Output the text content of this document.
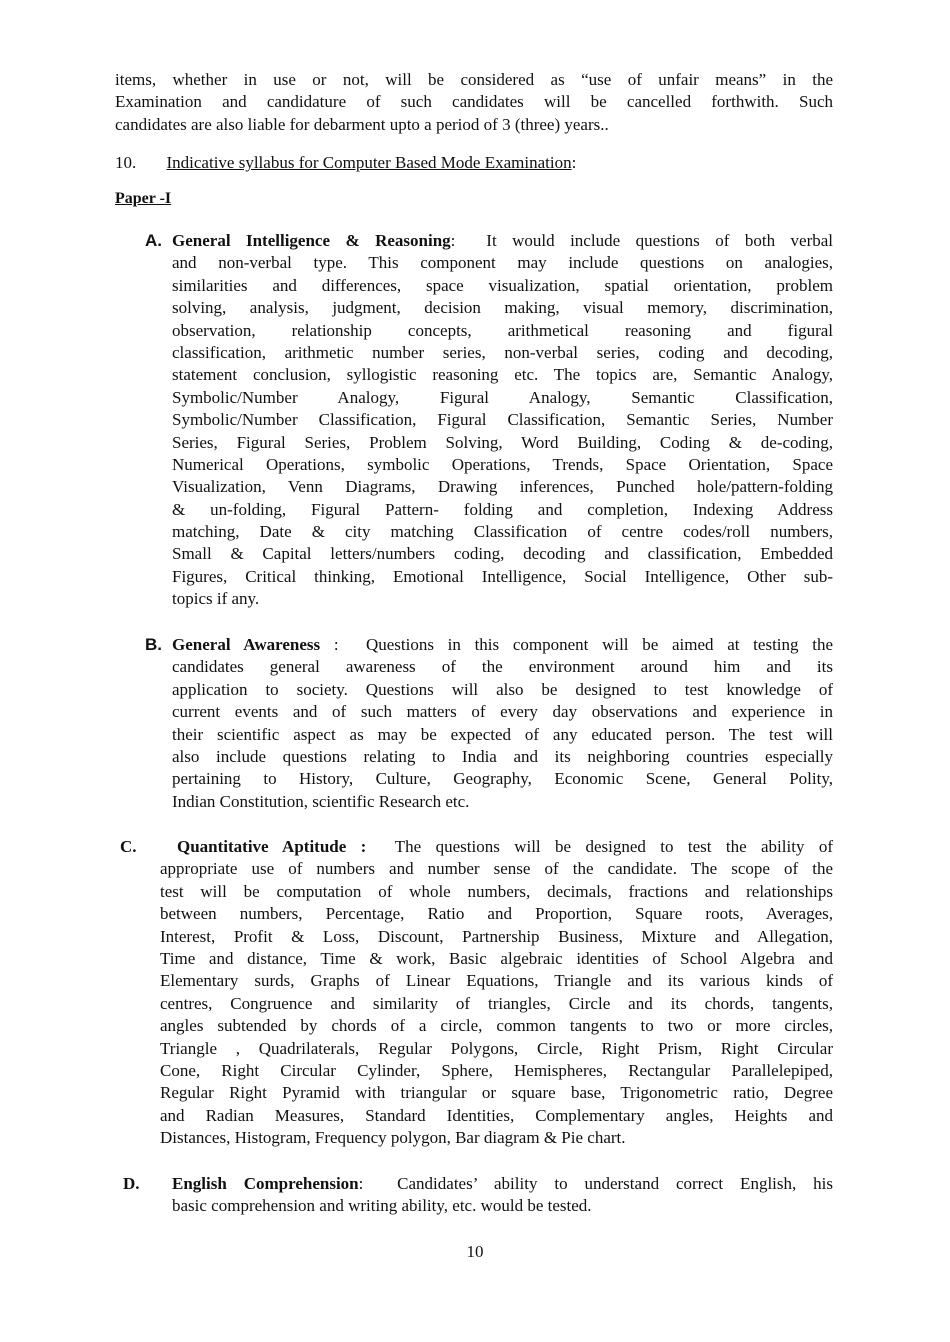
items, whether in use or not, will be considered as “use of unfair means” in the
Examination and candidature of such candidates will be cancelled forthwith. Such
candidates are also liable for debarment upto a period of 3 (three) years..
10. Indicative syllabus for Computer Based Mode Examination:
Paper -I
A. General Intelligence & Reasoning:  It would include questions of both verbal
and non-verbal type. This component may include questions on analogies,
similarities and differences, space visualization, spatial orientation, problem
solving, analysis, judgment, decision making, visual memory, discrimination,
observation, relationship concepts, arithmetical reasoning and figural
classification, arithmetic number series, non-verbal series, coding and decoding,
statement conclusion, syllogistic reasoning etc. The topics are, Semantic Analogy,
Symbolic/Number Analogy, Figural Analogy, Semantic Classification,
Symbolic/Number Classification, Figural Classification, Semantic Series, Number
Series, Figural Series, Problem Solving, Word Building, Coding & de-coding,
Numerical Operations, symbolic Operations, Trends, Space Orientation, Space
Visualization, Venn Diagrams, Drawing inferences, Punched hole/pattern-folding
& un-folding, Figural Pattern- folding and completion, Indexing Address
matching, Date & city matching Classification of centre codes/roll numbers,
Small & Capital letters/numbers coding, decoding and classification, Embedded
Figures, Critical thinking, Emotional Intelligence, Social Intelligence, Other sub-
topics if any.
B. General Awareness :  Questions in this component will be aimed at testing the
candidates general awareness of the environment around him and its
application to society. Questions will also be designed to test knowledge of
current events and of such matters of every day observations and experience in
their scientific aspect as may be expected of any educated person. The test will
also include questions relating to India and its neighboring countries especially
pertaining to History, Culture, Geography, Economic Scene, General Polity,
Indian Constitution, scientific Research etc.
C.	Quantitative Aptitude :  The questions will be designed to test the ability of
appropriate use of numbers and number sense of the candidate. The scope of the
test will be computation of whole numbers, decimals, fractions and relationships
between numbers, Percentage, Ratio and Proportion, Square roots, Averages,
Interest, Profit & Loss, Discount, Partnership Business, Mixture and Allegation,
Time and distance, Time & work, Basic algebraic identities of School Algebra and
Elementary surds, Graphs of Linear Equations, Triangle and its various kinds of
centres, Congruence and similarity of triangles, Circle and its chords, tangents,
angles subtended by chords of a circle, common tangents to two or more circles,
Triangle , Quadrilaterals, Regular Polygons, Circle, Right Prism, Right Circular
Cone, Right Circular Cylinder, Sphere, Hemispheres, Rectangular Parallelepiped,
Regular Right Pyramid with triangular or square base, Trigonometric ratio, Degree
and Radian Measures, Standard Identities, Complementary angles, Heights and
Distances, Histogram, Frequency polygon, Bar diagram & Pie chart.
D. English Comprehension:  Candidates’ ability to understand correct English, his
basic comprehension and writing ability, etc. would be tested.
10
